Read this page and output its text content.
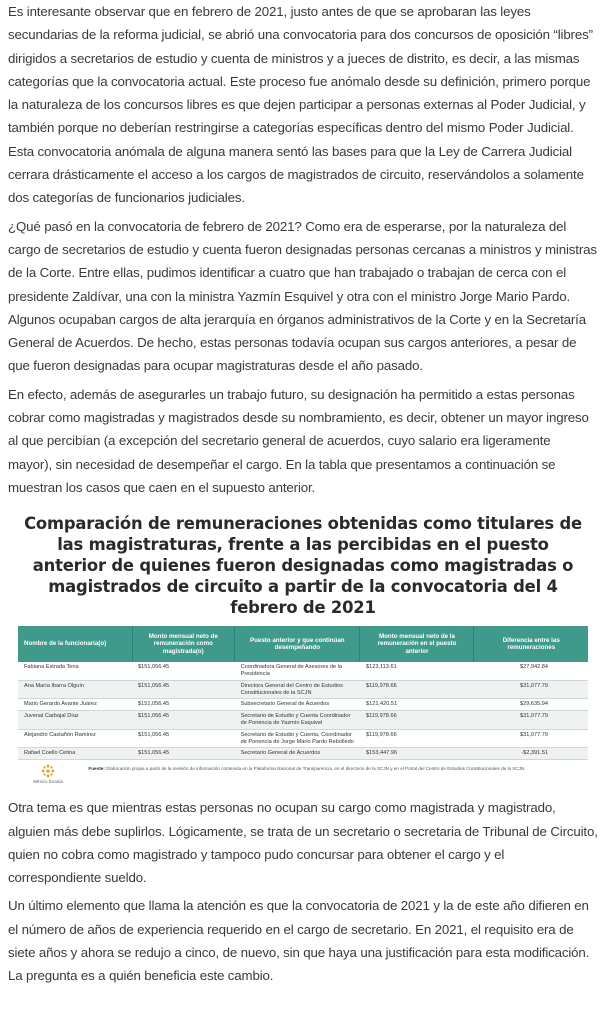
Es interesante observar que en febrero de 2021, justo antes de que se aprobaran las leyes secundarias de la reforma judicial, se abrió una convocatoria para dos concursos de oposición “libres” dirigidos a secretarios de estudio y cuenta de ministros y a jueces de distrito, es decir, a las mismas categorías que la convocatoria actual. Este proceso fue anómalo desde su definición, primero porque la naturaleza de los concursos libres es que dejen participar a personas externas al Poder Judicial, y también porque no deberían restringirse a categorías específicas dentro del mismo Poder Judicial. Esta convocatoria anómala de alguna manera sentó las bases para que la Ley de Carrera Judicial cerrara drásticamente el acceso a los cargos de magistrados de circuito, reservándolos a solamente dos categorías de funcionarios judiciales.

¿Qué pasó en la convocatoria de febrero de 2021? Como era de esperarse, por la naturaleza del cargo de secretarios de estudio y cuenta fueron designadas personas cercanas a ministros y ministras de la Corte. Entre ellas, pudimos identificar a cuatro que han trabajado o trabajan de cerca con el presidente Zaldívar, una con la ministra Yazmín Esquivel y otra con el ministro Jorge Mario Pardo. Algunos ocupaban cargos de alta jerarquía en órganos administrativos de la Corte y en la Secretaría General de Acuerdos. De hecho, estas personas todavía ocupan sus cargos anteriores, a pesar de que fueron designadas para ocupar magistraturas desde el año pasado.

En efecto, además de asegurarles un trabajo futuro, su designación ha permitido a estas personas cobrar como magistradas y magistrados desde su nombramiento, es decir, obtener un mayor ingreso al que percibían (a excepción del secretario general de acuerdos, cuyo salario era ligeramente mayor), sin necesidad de desempeñar el cargo. En la tabla que presentamos a continuación se muestran los casos que caen en el supuesto anterior.

Comparación de remuneraciones obtenidas como titulares de las magistraturas, frente a las percibidas en el puesto anterior de quienes fueron designadas como magistradas o magistrados de circuito a partir de la convocatoria del 4 febrero de 2021
Nombre de la funcionaria(o)	Monto mensual neto de remuneración como magistrada(o)	Puesto anterior y que continúan desempeñando	Monto mensual neto de la remuneración en el puesto anterior	Diferencia entre las remuneraciones
Fabiana Estrada Tena	$151,056.45	Coordinadora General de Asesores de la Presidencia	$123,113.61	$27,942.84
Ana María Ibarra Olguín	$151,056.45	Directora General del Centro de Estudios Constitucionales de la SCJN	$119,978.66	$31,077.79
Mario Gerardo Avante Juárez	$151,056.45	Subsecretario General de Acuerdos	$121,420.51	$29,635.94
Juvenal Carbajal Díaz	$151,056.45	Secretario de Estudio y Cuenta Coordinador de Ponencia de Yazmín Esquivel	$119,978.66	$31,077.79
Alejandro Castañón Ramírez	$151,056.45	Secretario de Estudio y Cuenta, Coordinador de Ponencia de Jorge Mario Pardo Rebolledo	$119,978.66	$31,077.79
Rafael Coello Cetina	$151,056.45	Secretario General de Acuerdos	$153,447.96	-$2,391.51
México Evalúa
Fuente: Elaboración propia a partir de la revisión de información contenida en la Plataforma Nacional de Transparencia, en el directorio de la SCJN y en el Portal del Centro de Estudios Constitucionales de la SCJN.

Otra tema es que mientras estas personas no ocupan su cargo como magistrada y magistrado, alguien más debe suplirlos. Lógicamente, se trata de un secretario o secretaria de Tribunal de Circuito, quien no cobra como magistrado y tampoco pudo concursar para obtener el cargo y el correspondiente sueldo.

Un último elemento que llama la atención es que la convocatoria de 2021 y la de este año difieren en el número de años de experiencia requerido en el cargo de secretario. En 2021, el requisito era de siete años y ahora se redujo a cinco, de nuevo, sin que haya una justificación para esta modificación. La pregunta es a quién beneficia este cambio.
